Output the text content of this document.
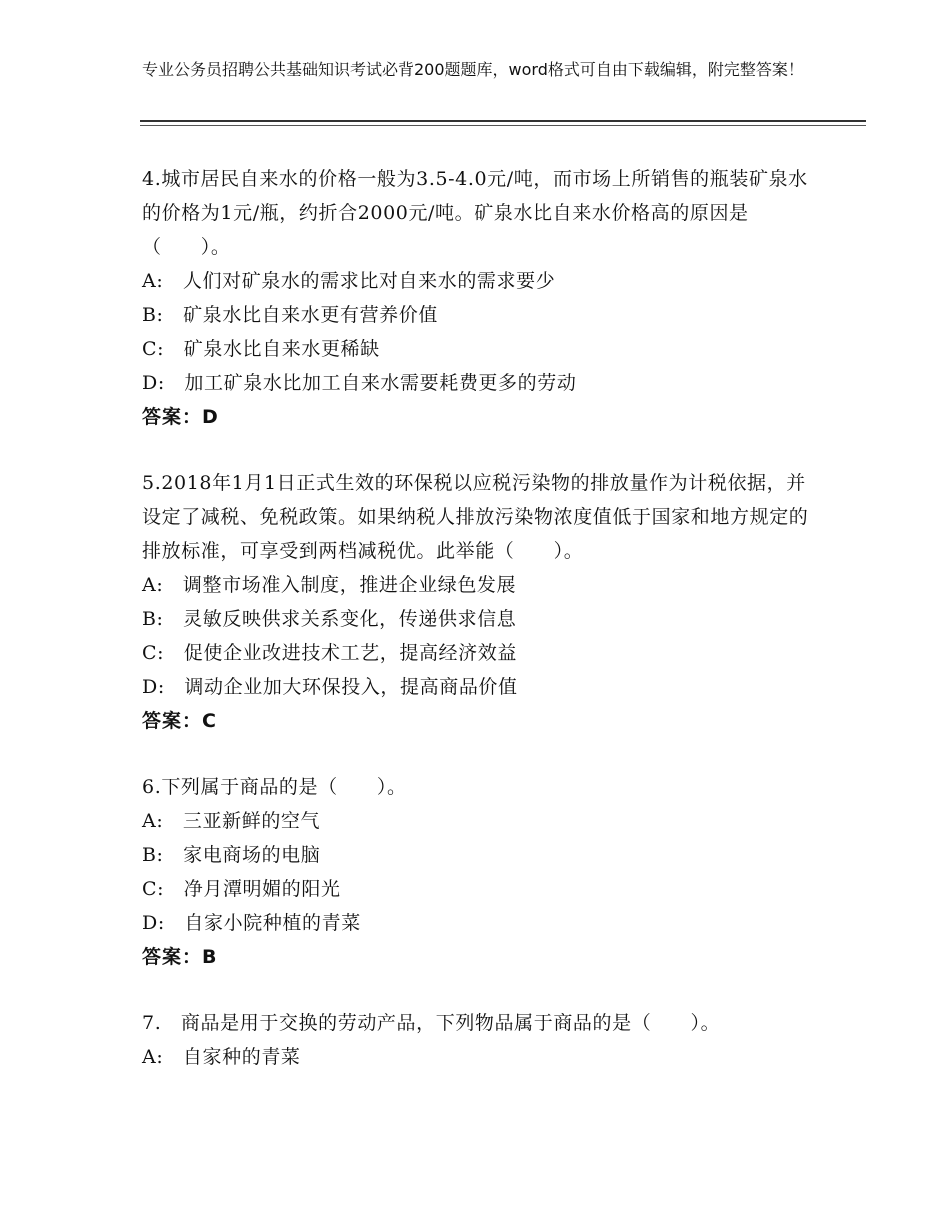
专业公务员招聘公共基础知识考试必背200题题库，word格式可自由下载编辑，附完整答案！

4.城市居民自来水的价格一般为3.5-4.0元/吨，而市场上所销售的瓶装矿泉水的价格为1元/瓶，约折合2000元/吨。矿泉水比自来水价格高的原因是（　　）。

A:　人们对矿泉水的需求比对自来水的需求要少

B:　矿泉水比自来水更有营养价值

C:　矿泉水比自来水更稀缺

D:　加工矿泉水比加工自来水需要耗费更多的劳动

答案：D

5.2018年1月1日正式生效的环保税以应税污染物的排放量作为计税依据，并设定了减税、免税政策。如果纳税人排放污染物浓度值低于国家和地方规定的排放标准，可享受到两档减税优。此举能（　　）。

A:　调整市场准入制度，推进企业绿色发展

B:　灵敏反映供求关系变化，传递供求信息

C:　促使企业改进技术工艺，提高经济效益

D:　调动企业加大环保投入，提高商品价值

答案：C

6.下列属于商品的是（　　）。

A:　三亚新鲜的空气

B:　家电商场的电脑

C:　净月潭明媚的阳光

D:　自家小院种植的青菜

答案：B

7.　商品是用于交换的劳动产品，下列物品属于商品的是（　　）。

A:　自家种的青菜
